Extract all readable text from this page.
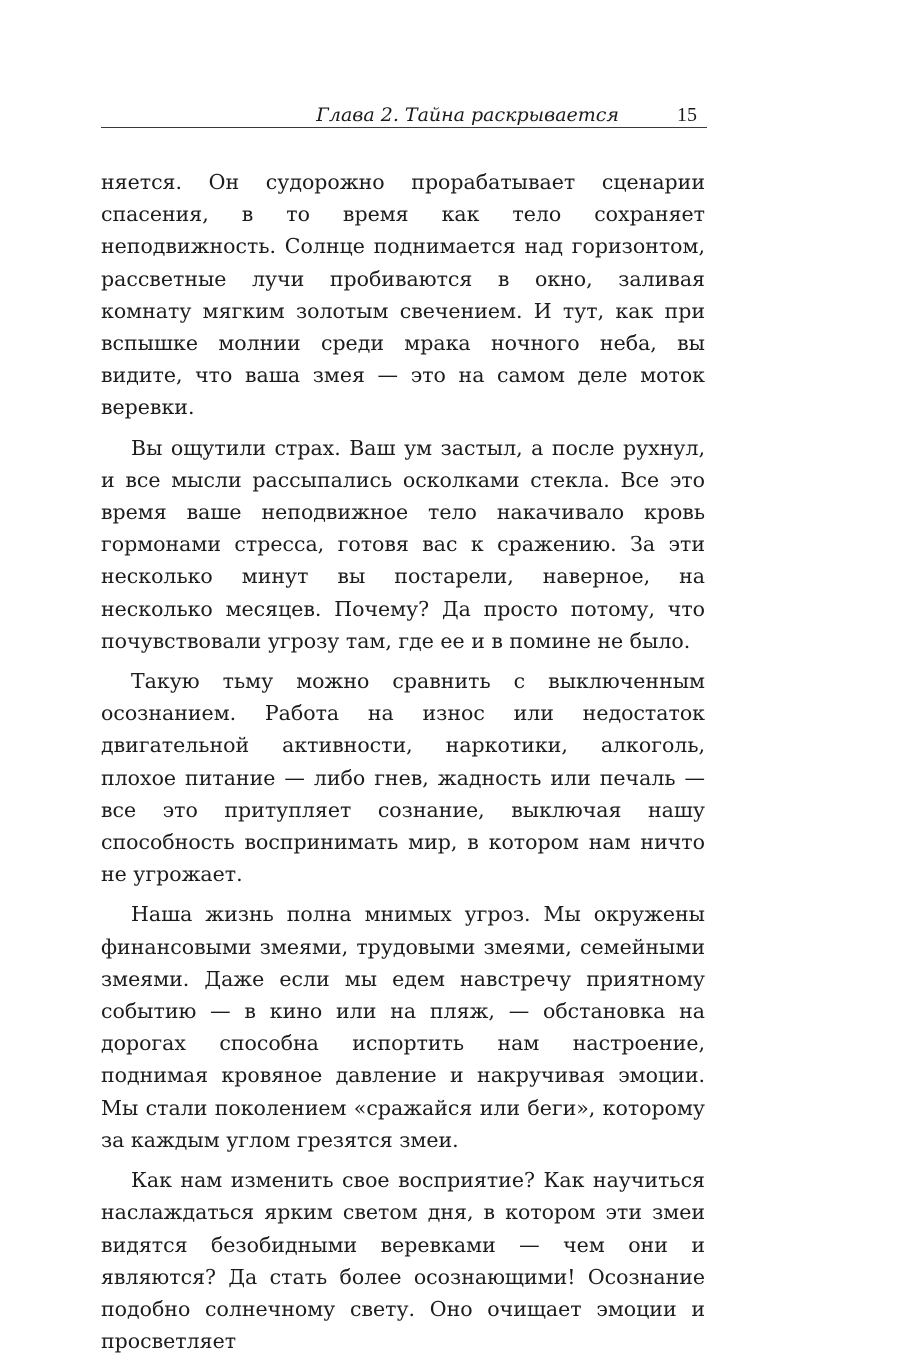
Глава 2. Тайна раскрывается	15

няется. Он судорожно прорабатывает сценарии спасения, в то время как тело сохраняет неподвижность. Солнце поднимается над горизонтом, рассветные лучи пробиваются в окно, заливая комнату мягким золотым свечением. И тут, как при вспышке молнии среди мрака ночного неба, вы видите, что ваша змея — это на самом деле моток веревки.

Вы ощутили страх. Ваш ум застыл, а после рухнул, и все мысли рассыпались осколками стекла. Все это время ваше неподвижное тело накачивало кровь гормонами стресса, готовя вас к сражению. За эти несколько минут вы постарели, наверное, на несколько месяцев. Почему? Да просто потому, что почувствовали угрозу там, где ее и в помине не было.

Такую тьму можно сравнить с выключенным осознанием. Работа на износ или недостаток двигательной активности, наркотики, алкоголь, плохое питание — либо гнев, жадность или печаль — все это притупляет сознание, выключая нашу способность воспринимать мир, в котором нам ничто не угрожает.

Наша жизнь полна мнимых угроз. Мы окружены финансовыми змеями, трудовыми змеями, семейными змеями. Даже если мы едем навстречу приятному событию — в кино или на пляж, — обстановка на дорогах способна испортить нам настроение, поднимая кровяное давление и накручивая эмоции. Мы стали поколением «сражайся или беги», которому за каждым углом грезятся змеи.

Как нам изменить свое восприятие? Как научиться наслаждаться ярким светом дня, в котором эти змеи видятся безобидными веревками — чем они и являются? Да стать более осознающими! Осознание подобно солнечному свету. Оно очищает эмоции и просветляет
